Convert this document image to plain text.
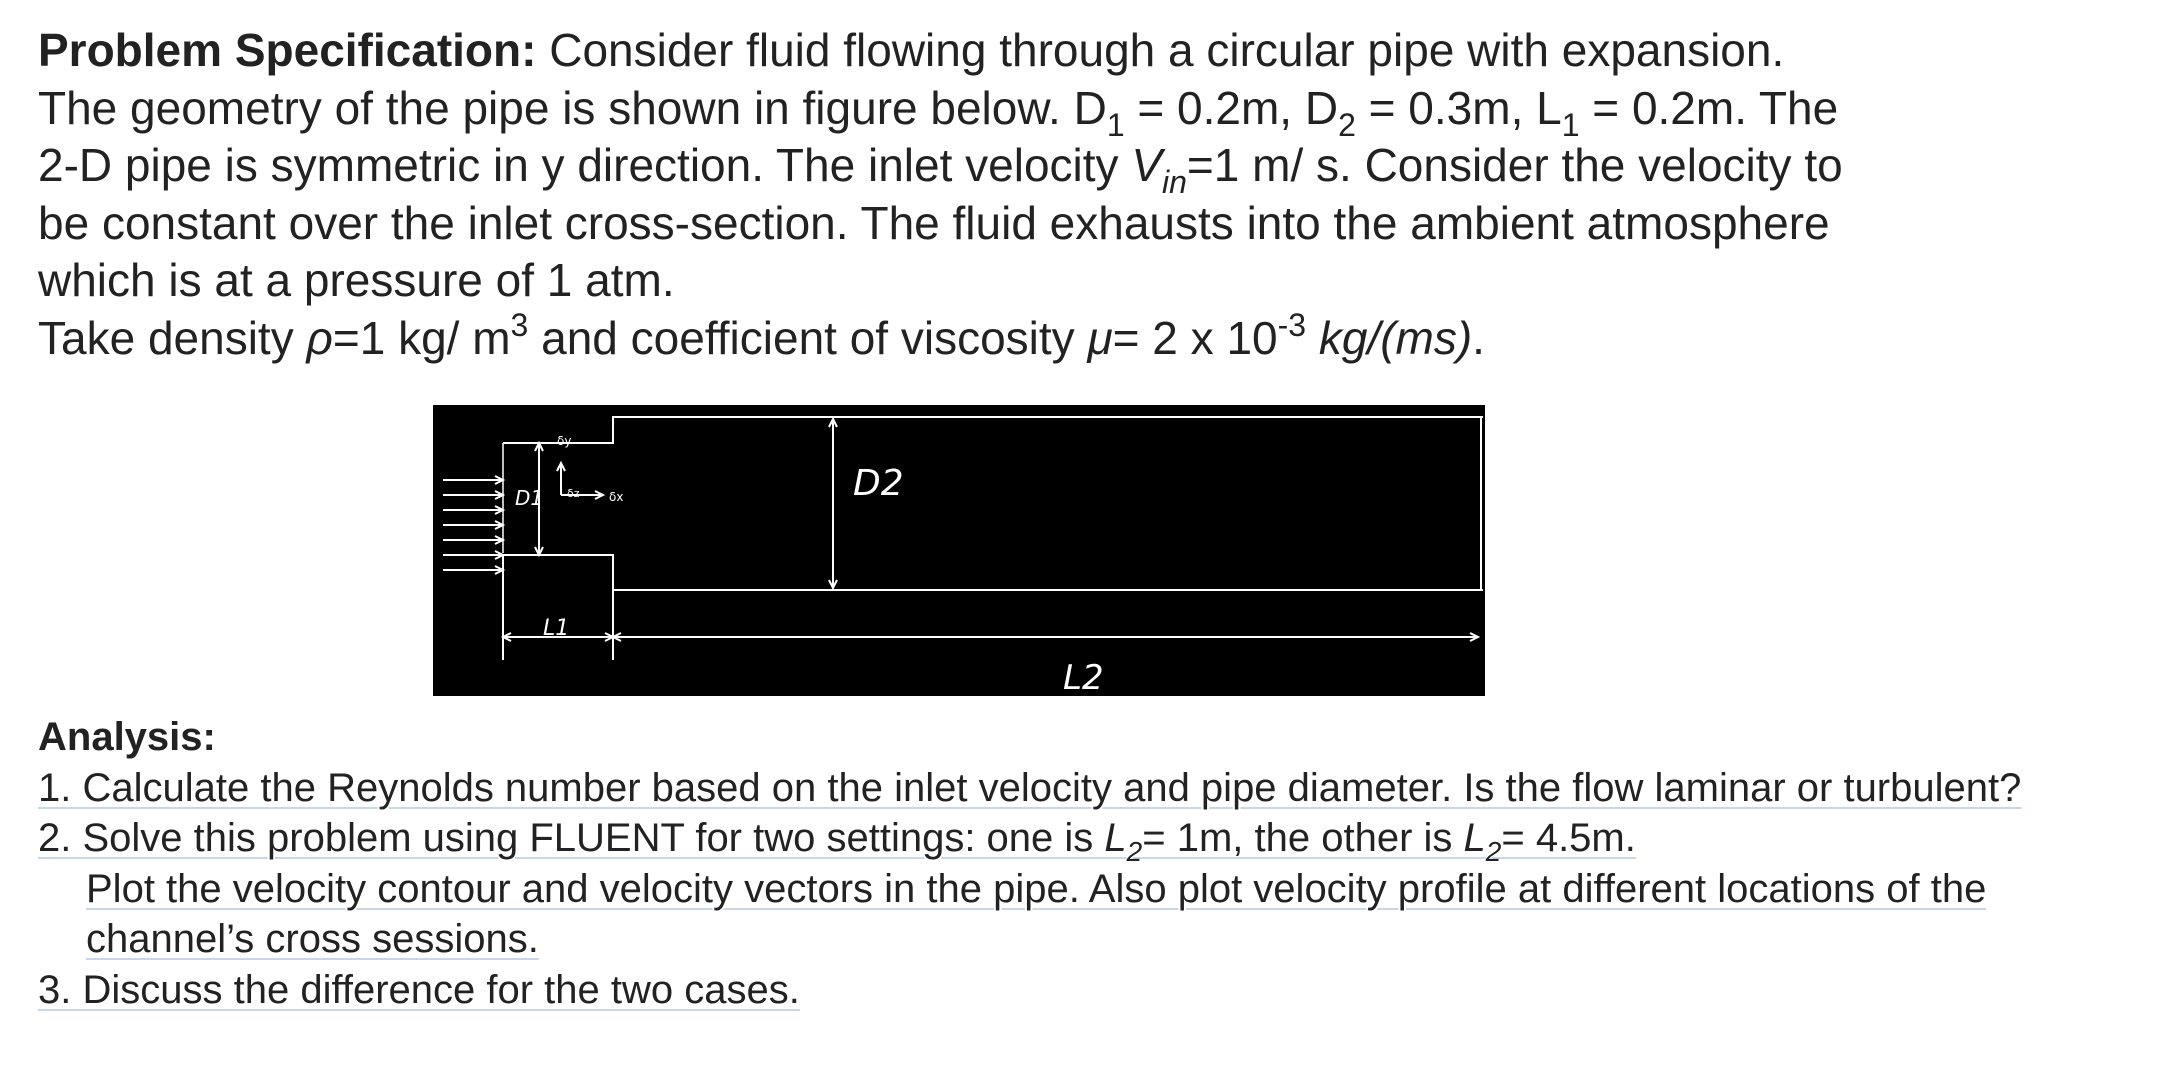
Problem Specification: Consider fluid flowing through a circular pipe with expansion.

The geometry of the pipe is shown in figure below. $D_1 = 0.2m$, $D_2 = 0.3m$, $L_1 = 0.2m$. The

2-D pipe is symmetric in y direction. The inlet velocity $V_{in}=1$ m/ s. Consider the velocity to

be constant over the inlet cross-section. The fluid exhausts into the ambient atmosphere

which is at a pressure of 1 atm.

Take density ρ=1 kg/ $m^3$ and coefficient of viscosity μ= 2 x $10^{-3}$ kg/(ms).

D1	D2
L1
L2
δx
δy
δz

Analysis:

1. Calculate the Reynolds number based on the inlet velocity and pipe diameter. Is the flow laminar or turbulent?

2. Solve this problem using FLUENT for two settings: one is $L_2= 1m$, the other is $L_2= 4.5m$.

Plot the velocity contour and velocity vectors in the pipe. Also plot velocity profile at different locations of the

channel’s cross sessions.

3. Discuss the difference for the two cases.
